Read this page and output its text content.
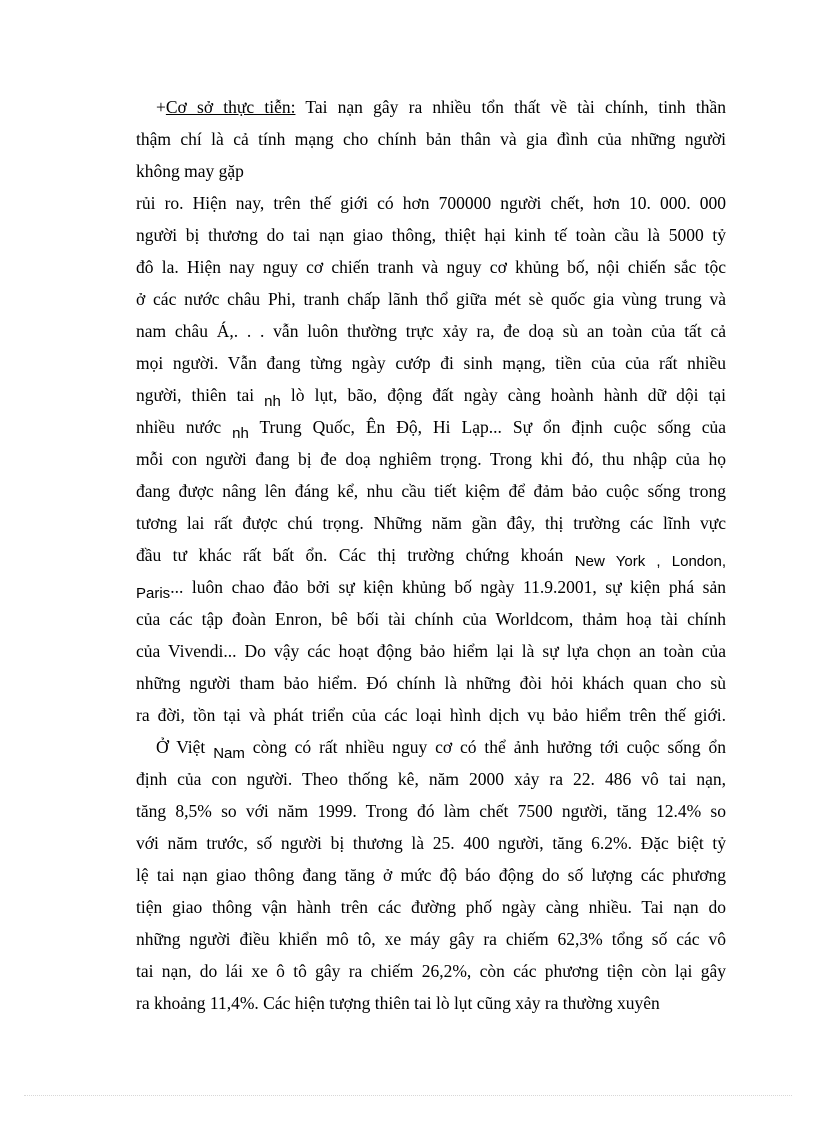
+Cơ sở thực tiễn: Tai nạn gây ra nhiều tổn thất về tài chính, tinh thần
thậm chí là cả tính mạng cho chính bản thân và gia đình của những người
không may gặp
rủi ro. Hiện nay, trên thế giới có hơn 700000 người chết, hơn 10. 000. 000
người bị thương do tai nạn giao thông, thiệt hại kinh tế toàn cầu là 5000 tỷ
đô la. Hiện nay nguy cơ chiến tranh và nguy cơ khủng bố, nội chiến sắc tộc
ở các nước châu Phi, tranh chấp lãnh thổ giữa mét sè quốc gia vùng trung và
nam châu Á,. . . vẫn luôn thường trực xảy ra, đe doạ sù an toàn của tất cả
mọi người. Vẫn đang từng ngày cướp đi sinh mạng, tiền của của rất nhiều
người, thiên tai nh lò lụt, bão, động đất ngày càng hoành hành dữ dội tại
nhiều nước nh Trung Quốc, Ên Độ, Hi Lạp... Sự ổn định cuộc sống của
mỗi con người đang bị đe doạ nghiêm trọng. Trong khi đó, thu nhập của họ
đang được nâng lên đáng kể, nhu cầu tiết kiệm để đảm bảo cuộc sống trong
tương lai rất được chú trọng. Những năm gần đây, thị trường các lĩnh vực
đầu tư khác rất bất ổn. Các thị trường chứng khoán New York , London,
Paris... luôn chao đảo bởi sự kiện khủng bố ngày 11.9.2001, sự kiện phá sản
của các tập đoàn Enron, bê bối tài chính của Worldcom, thảm hoạ tài chính
của Vivendi... Do vậy các hoạt động bảo hiểm lại là sự lựa chọn an toàn của
những người tham bảo hiểm. Đó chính là những đòi hỏi khách quan cho sù
ra đời, tồn tại và phát triển của các loại hình dịch vụ bảo hiểm trên thế giới.
Ở Việt Nam còng có rất nhiều nguy cơ có thể ảnh hưởng tới cuộc sống ổn
định của con người. Theo thống kê, năm 2000 xảy ra 22. 486 vô tai nạn,
tăng 8,5% so với năm 1999. Trong đó làm chết 7500 người, tăng 12.4% so
với năm trước, số người bị thương là 25. 400 người, tăng 6.2%. Đặc biệt tỷ
lệ tai nạn giao thông đang tăng ở mức độ báo động do số lượng các phương
tiện giao thông vận hành trên các đường phố ngày càng nhiều. Tai nạn do
những người điều khiển mô tô, xe máy gây ra chiếm 62,3% tổng số các vô
tai nạn, do lái xe ô tô gây ra chiếm 26,2%, còn các phương tiện còn lại gây
ra khoảng 11,4%. Các hiện tượng thiên tai lò lụt cũng xảy ra thường xuyên
